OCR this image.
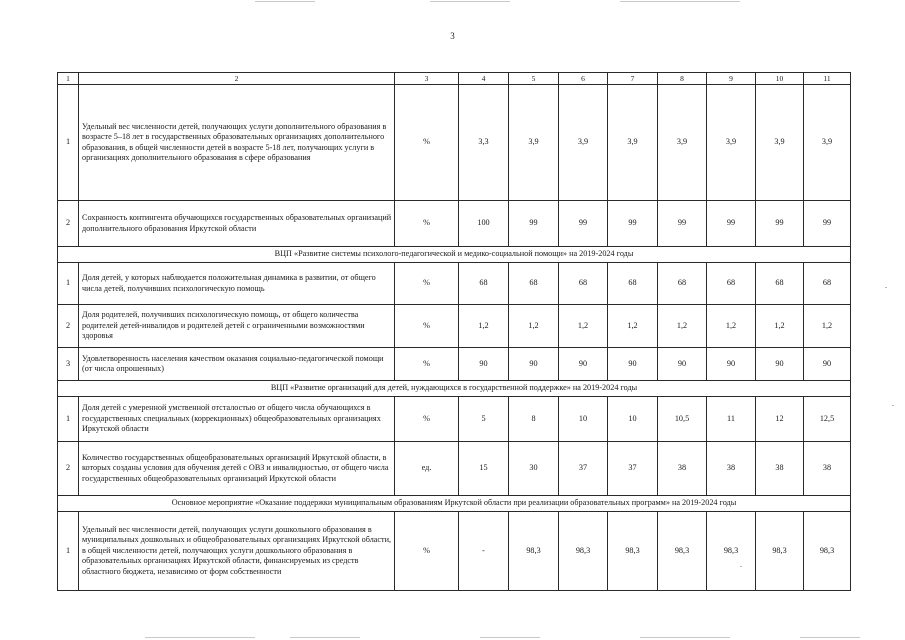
3
1	2	3	4	5	6	7	8	9	10	11
1	Удельный вес численности детей, получающих услуги дополнительного образования в возрасте 5–18 лет в государственных образовательных организациях дополнительного образования, в общей численности детей в возрасте 5-18 лет, получающих услуги в организациях дополнительного образования в сфере образования	%	3,3	3,9	3,9	3,9	3,9	3,9	3,9	3,9
2	Сохранность контингента обучающихся государственных образовательных организаций дополнительного образования Иркутской области	%	100	99	99	99	99	99	99	99
ВЦП «Развитие системы психолого-педагогической и медико-социальной помощи» на 2019-2024 годы										
1	Доля детей, у которых наблюдается положительная динамика в развитии, от общего числа детей, получивших психологическую помощь	%	68	68	68	68	68	68	68	68
2	Доля родителей, получивших психологическую помощь, от общего количества родителей детей-инвалидов и родителей детей с ограниченными возможностями здоровья	%	1,2	1,2	1,2	1,2	1,2	1,2	1,2	1,2
3	Удовлетворенность населения качеством оказания социально-педагогической помощи (от числа опрошенных)	%	90	90	90	90	90	90	90	90
ВЦП «Развитие организаций для детей, нуждающихся в государственной поддержке» на 2019-2024 годы										
1	Доля детей с умеренной умственной отсталостью от общего числа обучающихся в государственных специальных (коррекционных) общеобразовательных организациях Иркутской области	%	5	8	10	10	10,5	11	12	12,5
2	Количество государственных общеобразовательных организаций Иркутской области, в которых созданы условия для обучения детей с ОВЗ и инвалидностью, от общего числа государственных общеобразовательных организаций Иркутской области	ед.	15	30	37	37	38	38	38	38
Основное мероприятие «Оказание поддержки муниципальным образованиям Иркутской области при реализации образовательных программ» на 2019-2024 годы										
1	Удельный вес численности детей, получающих услуги дошкольного образования в муниципальных дошкольных и общеобразовательных организациях Иркутской области, в общей численности детей, получающих услуги дошкольного образования в образовательных организациях Иркутской области, финансируемых из средств областного бюджета, независимо от форм собственности	%	-	98,3	98,3	98,3	98,3	98,3	98,3	98,3
